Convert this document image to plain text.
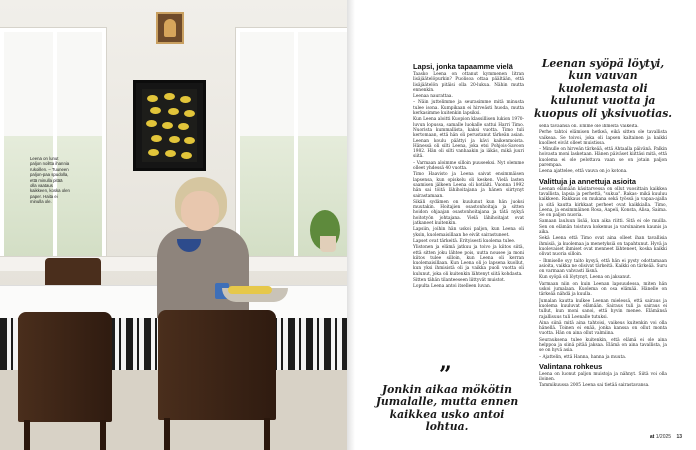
Leena on lunut paljon noiltta ihannia rukoillen. – Tuuneen paljon-paa spudolla, että minulla pitää olla vaataus kaikkeen, koska olen paper. Haita ei minulla ole.
Leenan syöpä löytyi, kun vauvan kuolemasta oli kulunut vuotta ja kuopus oli yksivuotias.
Lapsi, jonka tapaamme vielä

Taasko Leena on ottanut kymmenen litran lisäjäätelöpurkin? Puolisoa ottaa päältään, että lisäjäätelön pitäisi olla 20-lukua. Nähin mutta ennenkin.

Leenaa naurattaa.

– Näin juttelimme ja seurasimme mitä minusta tulee isona. Kumpikaan ei hirveästi huoda, mutta kerkasimme kuitenkin lapsiksi.

Kun Leena aloitti Kuopion klassillisen lukion 1970-luvun lopussa, samalle luokalle sattui Harri Timo. Nuorista kummallista, kaksi vuotta. Timo tuli kertomaan, että hän oli perustanut tärkeän asian. Leenan koulu päättyi ja kävi kaikenmoista. Hänessä oli silti Leena, joka etsi Pohjois-Savoon 1982. Hän oli silti vanhaakin ja iäkäs, mikä juuri siitä.

– Varmaan aloimme silloin puuseeksi. Nyt olemme olleet yhdessä 40 vuotta.

Timo Haavisto ja Leena saivat ensimmäisen lapsensa, kun opiskelu oli kesken. Vielä lasten saamisen jälkeen Leena oli kotiäiti. Vuonna 1992 hän sai töitä lähihoitajana ja hänen siirtynyt sairastamaan.

Sikäli sydämen on kuulunut kun hän juoksi muutakin. Hoitajien osastonhoitaja ja sitten hoidon ohjaajan osastonhoitajana ja tätä nykyä hoitotyön johtajana. Vielä lähihoitajat ovat jatkaneet kuitenkin.

Lapsiin, joihin hän uskoi paljon, kun Leena oli yksin, kuolemaisillaan he eivät sairastuneet.

Lapset ovat tärkeitä. Erityisesti kuolema tulee.

Ylistonen ja elämä jatkuu ja toivo ja kiitos siitä, että sitten joku lähtee pois, uutta nousee ja moni kiitos tulee silloin, kun Leena oli kerran kuolemaisillaan. Kun Leena oli jo lapsena kuollut, kun yksi ihmisistä oli ja vaikka puoli vuotta oli kulunut, joka oli kuitenkin lähtenyt siitä kohdasta.

Sitten tähän tilanteeseen liittyvät muistot.

Lopulta Leena antoi itselleen luvan.

”
Jonkin aikaa mökötin Jumalalle, mutta ennen kaikkea usko antoi lohtua.

sellä tavaansa oli. Emme ole ihmeitä vaikeita.

Perhe tahtoi elämisen hetkeä, eikä sitten ole tavallista vaikeaa. Se toivoi, joka oli lapsen kaltainen ja kaikki kuolleet eivät olleet muistissa.

– Minulle on hirveän tärkeää, että Ahtaalla päivänä. Palkin hoivasta moni lasketaan. Hänen päiväset kiittäsi mitä, että kuolema ei ole pelottava vaan se on jotain paljon parempaa.

Leena ajattelee, että vauva on jo kotona.

Valittuja ja annettuja asioita

Leenan elämään käsitarvessa on ollut vuosittain kaikkea tavallista, lapsia ja perhettä, "sukua". Rakas- mikä kuuluu kaikkeen. Rakkaus on mukana sekä työssä ja vapaa-ajalla ja sitä kautta kirkkaat perheet ovat kaikkialla. Timo, Leena, ja ensimmäinen Rosa, Aapeli, Konsta, Alisa, Saima. Se on paljon nuoria.

Samaan lauluun lisää, kun aika riitti. Sitä ei ole muilla. Sen on elämän toistuva kokemus ja varsinainen kaunis ja aika.

Sekä Leena että Timo ovat aina olleet ihan tavallisia ihmisiä, ja kuolemaa ja menetyksiä on tapahtunut. Hyvä ja kuolevaiset ihmiset ovat menneet lähteneet, koska kaikki olivat nuoria silloin.

– Ihmiselle syy taito kysyä, että hän ei pysty odottamaan asioita, vaikka ne olisivat tärkeitä. Kaikki on tärkeää. Suru on varmaan vahvasti läsnä.

Kun syöpä oli löytynyt, Leena on jaksanut.

Varmaan niin on kuin Leenan lapsuudessa, miten hän uskoi jumalaan. Kuolema on osa elämää. Hänelle on tärkeää nähdä ja kuulla.

Jumalan kautta kulkee Leenan mielessä, että sairaus ja kuolema kuuluvat elämään. Sairaus tuli ja sairaus ei tullut, kun moni sanoi, että hyvin menee. Elämänsä rajallisuus tuli Leenalle tutuksi.

Aina siinä mitä aina tahtoisi, vaikeus kuitenkin voi olla hänellä. Toinen ei enää, jonka kanssa on ollut monta vuotta. Hän on aina ollut valmiina.

Seurauksena tulee kuitenkin, että elämä ei ole aina helppoa ja siinä pitää jaksaa. Elämä on aina tavallista, ja se on hyvä asia.

– Ajattelin, että Hanna, hanna ja muuta.

Valintana rohkeus

Leena on luonut paljon muistoja ja nähnyt. Siitä voi olla iloinen.

Tammikuussa 2005 Leena sai tietää sairastavansa.

at 1/2025 13
